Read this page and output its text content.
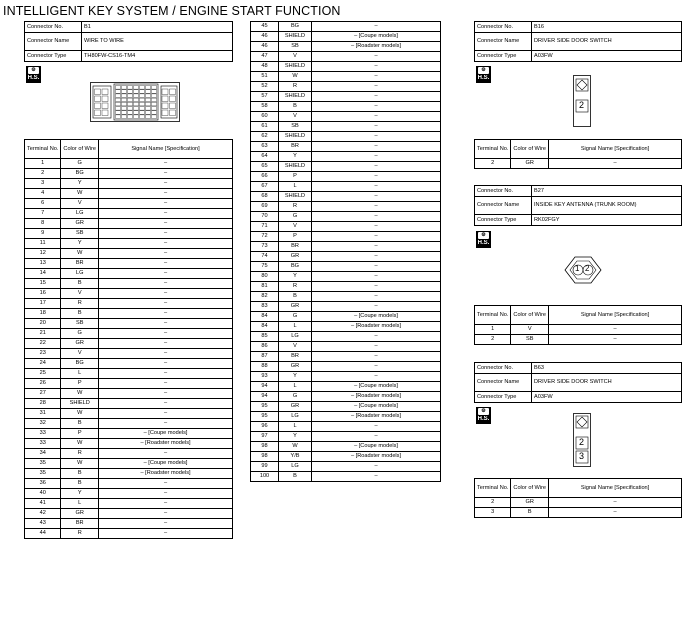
INTELLIGENT KEY SYSTEM / ENGINE START FUNCTION
Connector No.	B1
Connector Name	WIRE TO WIRE
Connector Type	TH80FW-CS16-TM4
⚙
H.S.
Terminal No.	Color of Wire	Signal Name [Specification]
1	G	–
2	BG	–
3	Y	–
4	W	–
6	V	–
7	LG	–
8	GR	–
9	SB	–
11	Y	–
12	W	–
13	BR	–
14	LG	–
15	B	–
16	V	–
17	R	–
18	B	–
20	SB	–
21	G	–
22	GR	–
23	V	–
24	BG	–
25	L	–
26	P	–
27	W	–
28	SHIELD	–
31	W	–
32	B	–
33	P	– [Coupe models]
33	W	– [Roadster models]
34	R	–
35	W	– [Coupe models]
35	B	– [Roadster models]
36	B	–
40	Y	–
41	L	–
42	GR	–
43	BR	–
44	R	–
45	BG	–
46	SHIELD	– [Coupe models]
46	SB	– [Roadster models]
47	V	–
48	SHIELD	–
51	W	–
52	R	–
57	SHIELD	–
58	B	–
60	V	–
61	SB	–
62	SHIELD	–
63	BR	–
64	Y	–
65	SHIELD	–
66	P	–
67	L	–
68	SHIELD	–
69	R	–
70	G	–
71	V	–
72	P	–
73	BR	–
74	GR	–
75	BG	–
80	Y	–
81	R	–
82	B	–
83	GR	–
84	G	– [Coupe models]
84	L	– [Roadster models]
85	LG	–
86	V	–
87	BR	–
88	GR	–
93	Y	–
94	L	– [Coupe models]
94	G	– [Roadster models]
95	GR	– [Coupe models]
95	LG	– [Roadster models]
96	L	–
97	Y	–
98	W	– [Coupe models]
98	Y/B	– [Roadster models]
99	LG	–
100	B	–
Connector No.	B16
Connector Name	DRIVER SIDE DOOR SWITCH
Connector Type	A03FW
⚙
H.S.
2
Terminal No.	Color of Wire	Signal Name [Specification]
2	GR	–
Connector No.	B27
Connector Name	INSIDE KEY ANTENNA (TRUNK ROOM)
Connector Type	RK02FGY
⚙
H.S.
1 2
Terminal No.	Color of Wire	Signal Name [Specification]
1	V	–
2	SB	–
Connector No.	B63
Connector Name	DRIVER SIDE DOOR SWITCH
Connector Type	A03FW
⚙
H.S.
2
3
Terminal No.	Color of Wire	Signal Name [Specification]
2	GR	–
3	B	–
